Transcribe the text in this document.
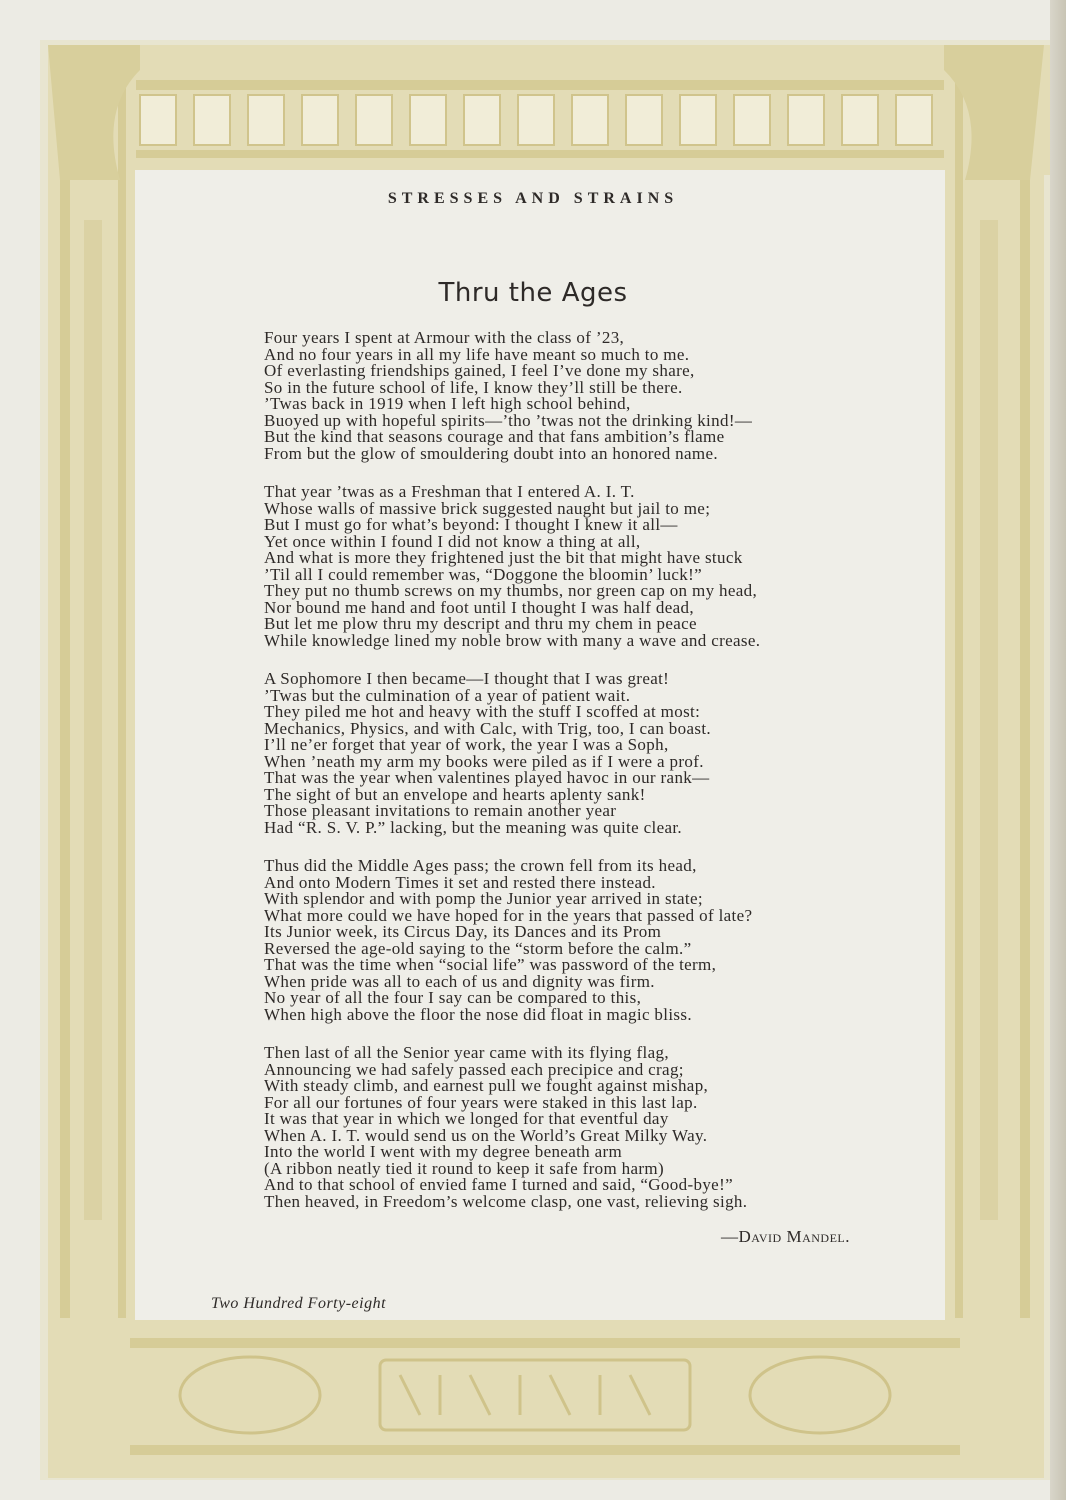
STRESSES AND STRAINS
Thru the Ages
Four years I spent at Armour with the class of ’23,
And no four years in all my life have meant so much to me.
Of everlasting friendships gained, I feel I’ve done my share,
So in the future school of life, I know they’ll still be there.
’Twas back in 1919 when I left high school behind,
Buoyed up with hopeful spirits—’tho ’twas not the drinking kind!—
But the kind that seasons courage and that fans ambition’s flame
From but the glow of smouldering doubt into an honored name.
That year ’twas as a Freshman that I entered A. I. T.
Whose walls of massive brick suggested naught but jail to me;
But I must go for what’s beyond: I thought I knew it all—
Yet once within I found I did not know a thing at all,
And what is more they frightened just the bit that might have stuck
’Til all I could remember was, “Doggone the bloomin’ luck!”
They put no thumb screws on my thumbs, nor green cap on my head,
Nor bound me hand and foot until I thought I was half dead,
But let me plow thru my descript and thru my chem in peace
While knowledge lined my noble brow with many a wave and crease.
A Sophomore I then became—I thought that I was great!
’Twas but the culmination of a year of patient wait.
They piled me hot and heavy with the stuff I scoffed at most:
Mechanics, Physics, and with Calc, with Trig, too, I can boast.
I’ll ne’er forget that year of work, the year I was a Soph,
When ’neath my arm my books were piled as if I were a prof.
That was the year when valentines played havoc in our rank—
The sight of but an envelope and hearts aplenty sank!
Those pleasant invitations to remain another year
Had “R. S. V. P.” lacking, but the meaning was quite clear.
Thus did the Middle Ages pass; the crown fell from its head,
And onto Modern Times it set and rested there instead.
With splendor and with pomp the Junior year arrived in state;
What more could we have hoped for in the years that passed of late?
Its Junior week, its Circus Day, its Dances and its Prom
Reversed the age-old saying to the “storm before the calm.”
That was the time when “social life” was password of the term,
When pride was all to each of us and dignity was firm.
No year of all the four I say can be compared to this,
When high above the floor the nose did float in magic bliss.
Then last of all the Senior year came with its flying flag,
Announcing we had safely passed each precipice and crag;
With steady climb, and earnest pull we fought against mishap,
For all our fortunes of four years were staked in this last lap.
It was that year in which we longed for that eventful day
When A. I. T. would send us on the World’s Great Milky Way.
Into the world I went with my degree beneath arm
(A ribbon neatly tied it round to keep it safe from harm)
And to that school of envied fame I turned and said, “Good-bye!”
Then heaved, in Freedom’s welcome clasp, one vast, relieving sigh.
—David Mandel.
Two Hundred Forty-eight
